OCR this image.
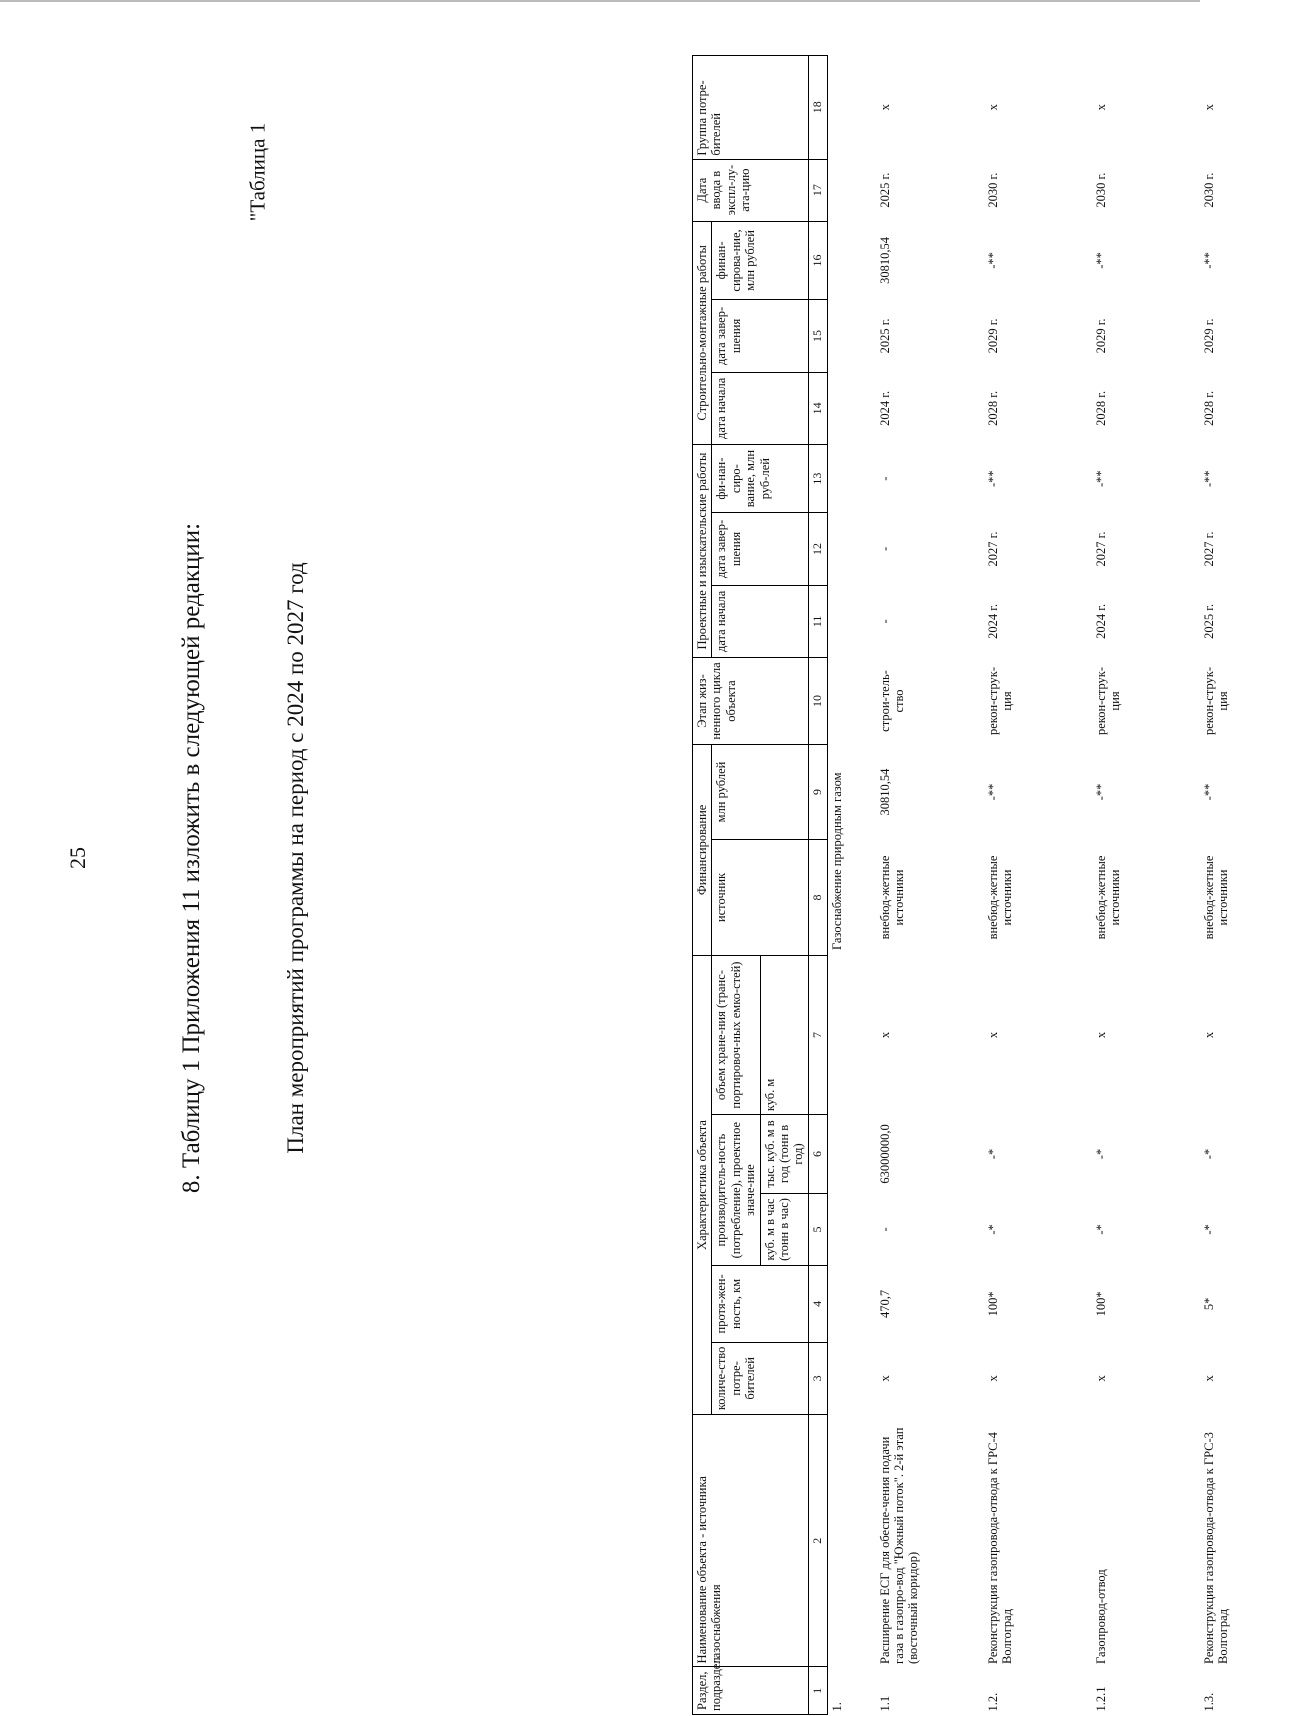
25	8. Таблицу 1 Приложения 11 изложить в следующей редакции:
"Таблица 1
План мероприятий программы на период с 2024 по 2027 год
Раздел, подраздел	Наименование объекта - источника газоснабжения	Характеристика объекта					Финансирование		Этап жиз-ненного цикла объекта	Проектные и изыскательские работы			Строительно-монтажные работы			Дата ввода в экспл-лу-ата-цию	Группа потре-бителей
		количе-ство потре-бителей	протя-жен-ность, км	производитель-ность (потребление), проектное значе-ние		объем хране-ния (транс-портировоч-ных емко-стей)	источник	млн рублей		дата начала	дата завер-шения	фи-нан-сиро-вание, млн руб-лей	дата начала	дата завер-шения	финан-сирова-ние, млн рублей		
				куб. м в час (тонн в час)	тыс. куб. м в год (тонн в год)	куб. м											
1	2	3	4	5	6	7	8	9	10	11	12	13	14	15	16	17	18
1.	Газоснабжение природным газом																
1.1	Расширение ЕСГ для обеспе-чения подачи газа в газопро-вод "Южный поток". 2-й этап (восточный коридор)	х	470,7	-	63000000,0	х	внебюд-жетные источники	30810,54	строи-тель-ство	-	-	-	2024 г.	2025 г.	30810,54	2025 г.	х
1.2.	Реконструкция газопровода-отвода к ГРС-4 Волгоград	х	100*	-*	-*	х	внебюд-жетные источники	-**	рекон-струк-ция	2024 г.	2027 г.	-**	2028 г.	2029 г.	-**	2030 г.	х
1.2.1	Газопровод-отвод	х	100*	-*	-*	х	внебюд-жетные источники	-**	рекон-струк-ция	2024 г.	2027 г.	-**	2028 г.	2029 г.	-**	2030 г.	х
1.3.	Реконструкция газопровода-отвода к ГРС-3 Волгоград	х	5*	-*	-*	х	внебюд-жетные источники	-**	рекон-струк-ция	2025 г.	2027 г.	-**	2028 г.	2029 г.	-**	2030 г.	х
